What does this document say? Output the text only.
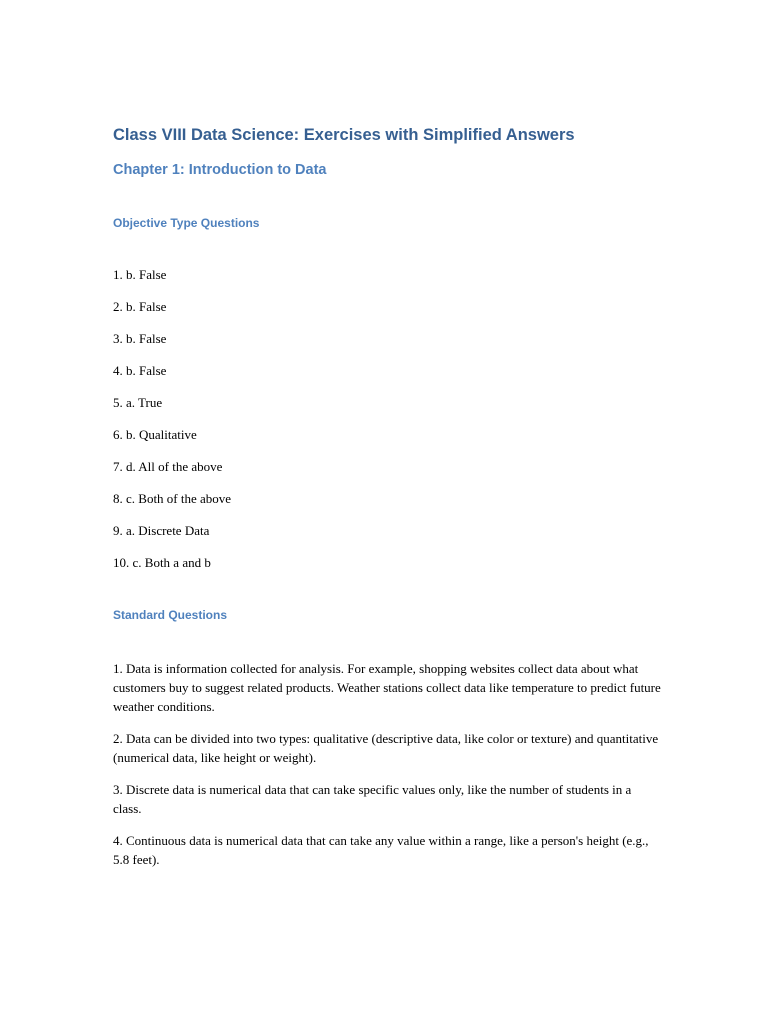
Class VIII Data Science: Exercises with Simplified Answers
Chapter 1: Introduction to Data
Objective Type Questions
1. b. False
2. b. False
3. b. False
4. b. False
5. a. True
6. b. Qualitative
7. d. All of the above
8. c. Both of the above
9. a. Discrete Data
10. c. Both a and b
Standard Questions
1. Data is information collected for analysis. For example, shopping websites collect data about what customers buy to suggest related products. Weather stations collect data like temperature to predict future weather conditions.
2. Data can be divided into two types: qualitative (descriptive data, like color or texture) and quantitative (numerical data, like height or weight).
3. Discrete data is numerical data that can take specific values only, like the number of students in a class.
4. Continuous data is numerical data that can take any value within a range, like a person's height (e.g., 5.8 feet).
